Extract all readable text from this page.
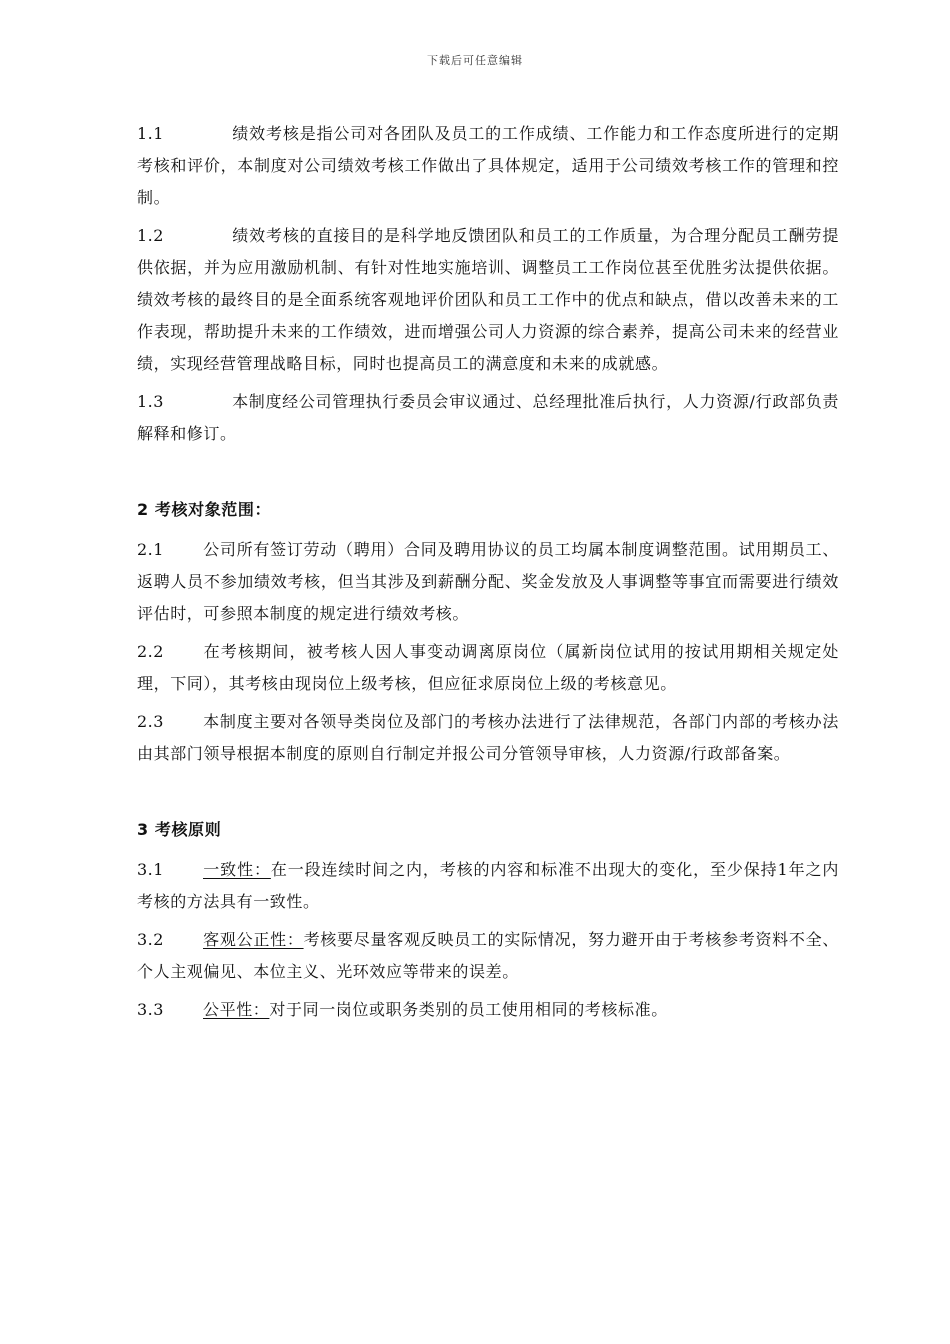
下载后可任意编辑

1.1	绩效考核是指公司对各团队及员工的工作成绩、工作能力和工作态度所进行的定期考核和评价，本制度对公司绩效考核工作做出了具体规定，适用于公司绩效考核工作的管理和控制。

1.2	绩效考核的直接目的是科学地反馈团队和员工的工作质量，为合理分配员工酬劳提供依据，并为应用激励机制、有针对性地实施培训、调整员工工作岗位甚至优胜劣汰提供依据。绩效考核的最终目的是全面系统客观地评价团队和员工工作中的优点和缺点，借以改善未来的工作表现，帮助提升未来的工作绩效，进而增强公司人力资源的综合素养，提高公司未来的经营业绩，实现经营管理战略目标，同时也提高员工的满意度和未来的成就感。

1.3	本制度经公司管理执行委员会审议通过、总经理批准后执行，人力资源/行政部负责解释和修订。

2 考核对象范围：

2.1 公司所有签订劳动（聘用）合同及聘用协议的员工均属本制度调整范围。试用期员工、返聘人员不参加绩效考核，但当其涉及到薪酬分配、奖金发放及人事调整等事宜而需要进行绩效评估时，可参照本制度的规定进行绩效考核。

2.2 在考核期间，被考核人因人事变动调离原岗位（属新岗位试用的按试用期相关规定处理，下同），其考核由现岗位上级考核，但应征求原岗位上级的考核意见。

2.3 本制度主要对各领导类岗位及部门的考核办法进行了法律规范，各部门内部的考核办法由其部门领导根据本制度的原则自行制定并报公司分管领导审核，人力资源/行政部备案。

3 考核原则

3.1 一致性：在一段连续时间之内，考核的内容和标准不出现大的变化，至少保持1年之内考核的方法具有一致性。

3.2 客观公正性：考核要尽量客观反映员工的实际情况，努力避开由于考核参考资料不全、个人主观偏见、本位主义、光环效应等带来的误差。

3.3 公平性：对于同一岗位或职务类别的员工使用相同的考核标准。
